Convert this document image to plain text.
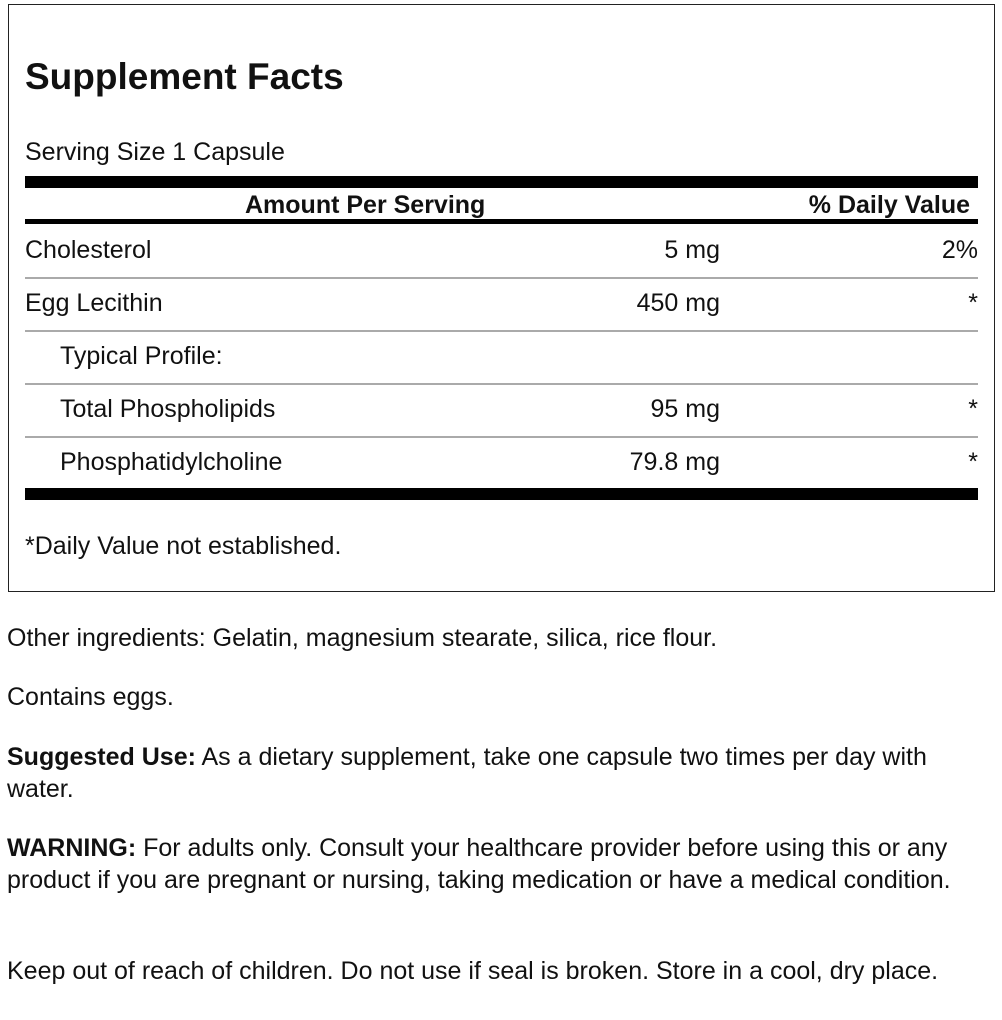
Supplement Facts
Serving Size 1 Capsule
Amount Per Serving	% Daily Value
Cholesterol	5 mg	2%
Egg Lecithin	450 mg	*
Typical Profile:
Total Phospholipids	95 mg	*
Phosphatidylcholine	79.8 mg	*
*Daily Value not established.
Other ingredients: Gelatin, magnesium stearate, silica, rice flour.
Contains eggs.
Suggested Use: As a dietary supplement, take one capsule two times per day with water.
WARNING: For adults only. Consult your healthcare provider before using this or any product if you are pregnant or nursing, taking medication or have a medical condition.
Keep out of reach of children. Do not use if seal is broken. Store in a cool, dry place.
